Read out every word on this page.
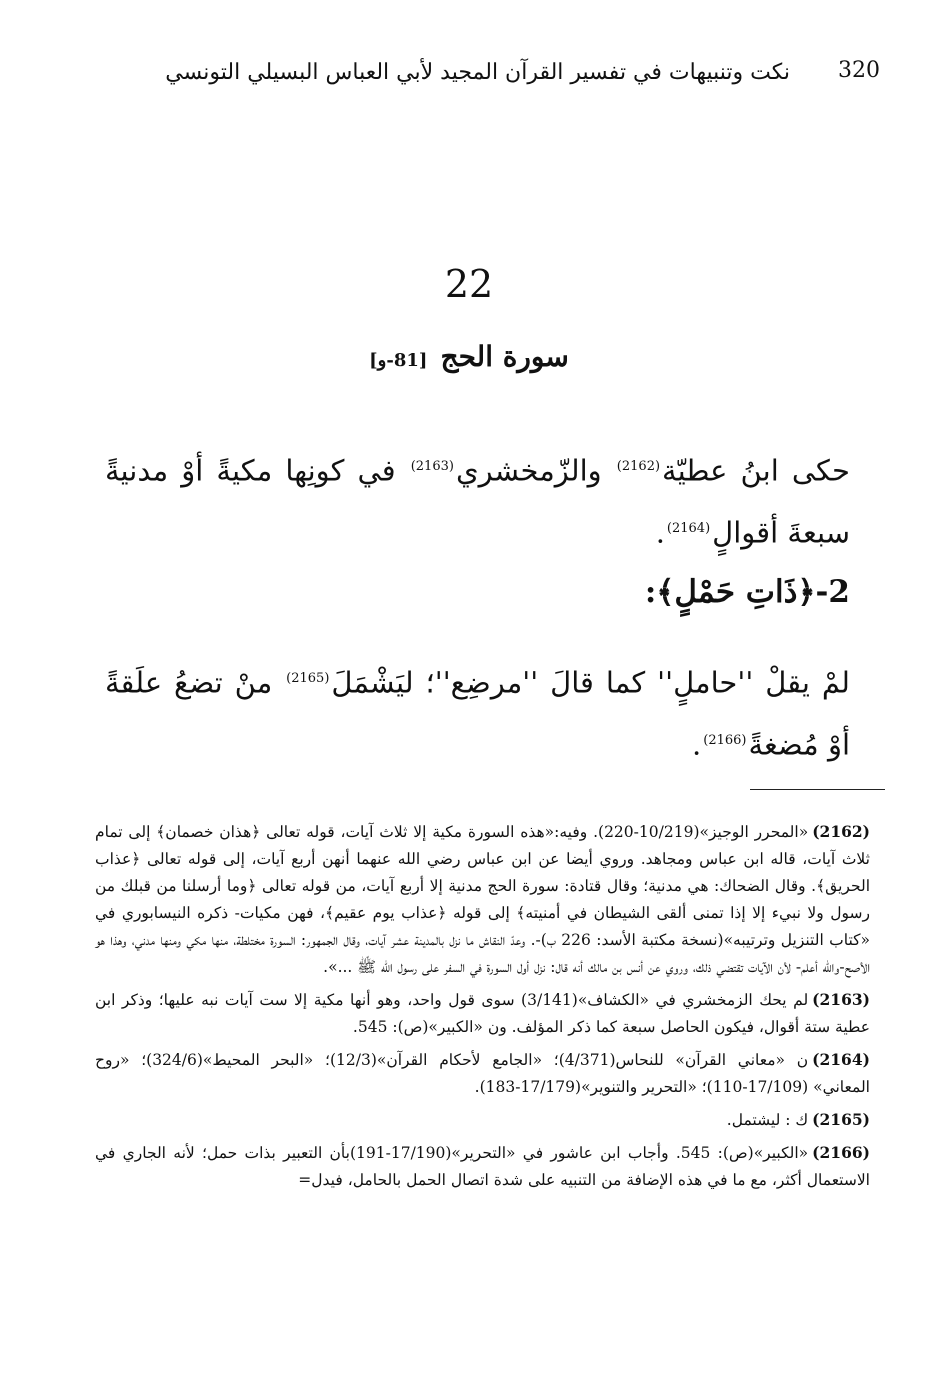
320
نكت وتنبيهات في تفسير القرآن المجيد لأبي العباس البسيلي التونسي
22
سورة الحج [81-و]
حكى ابنُ عطيّة$^{(2162)}$ والزّمخشري$^{(2163)}$ في كونِها مكيةً أوْ مدنيةً سبعةَ أقوالٍ$^{(2164)}$.
2-﴿ذَاتِ حَمْلٍ﴾:
لمْ يقلْ ''حاملٍ'' كما قالَ ''مرضِع''؛ ليَشْمَلَ$^{(2165)}$ منْ تضعُ علَقةً أوْ مُضغةً$^{(2166)}$.
(2162)«المحرر الوجيز»(10/219-220). وفيه:«هذه السورة مكية إلا ثلاث آيات، قوله تعالى ﴿هذان خصمان﴾ إلى تمام ثلاث آيات، قاله ابن عباس ومجاهد. وروي أيضا عن ابن عباس رضي الله عنهما أنهن أربع آيات، إلى قوله تعالى ﴿عذاب الحريق﴾. وقال الضحاك: هي مدنية؛ وقال قتادة: سورة الحج مدنية إلا أربع آيات، من قوله تعالى ﴿وما أرسلنا من قبلك من رسول ولا نبيء إلا إذا تمنى ألقى الشيطان في أمنيته﴾ إلى قوله ﴿عذاب يوم عقيم﴾، فهن مكيات- ذكره النيسابوري في «كتاب التنزيل وترتيبه»(نسخة مكتبة الأسد: 226 ب)-. وعدّ النقاش ما نزل بالمدينة عشر آيات، وقال الجمهور: السورة مختلطة، منها مكي ومنها مدني، وهذا هو الأصح-والله أعلم- لأن الآيات تقتضي ذلك، وروي عن أنس بن مالك أنه قال: نزل أول السورة في السفر على رسول الله ﷺ ...».
(2163)لم يحك الزمخشري في «الكشاف»(3/141) سوى قول واحد، وهو أنها مكية إلا ست آيات نبه عليها؛ وذكر ابن عطية ستة أقوال، فيكون الحاصل سبعة كما ذكر المؤلف. ون «الكبير»(ص): 545.
(2164)ن «معاني القرآن» للنحاس(4/371)؛ «الجامع لأحكام القرآن»(12/3)؛ «البحر المحيط»(324/6)؛ «روح المعاني» (17/109-110)؛ «التحرير والتنوير»(17/179-183).
(2165)ك : ليشتمل.
(2166)«الكبير»(ص): 545. وأجاب ابن عاشور في «التحرير»(17/190-191)بأن التعبير بذات حمل؛ لأنه الجاري في الاستعمال أكثر، مع ما في هذه الإضافة من التنبيه على شدة اتصال الحمل بالحامل، فيدل=
